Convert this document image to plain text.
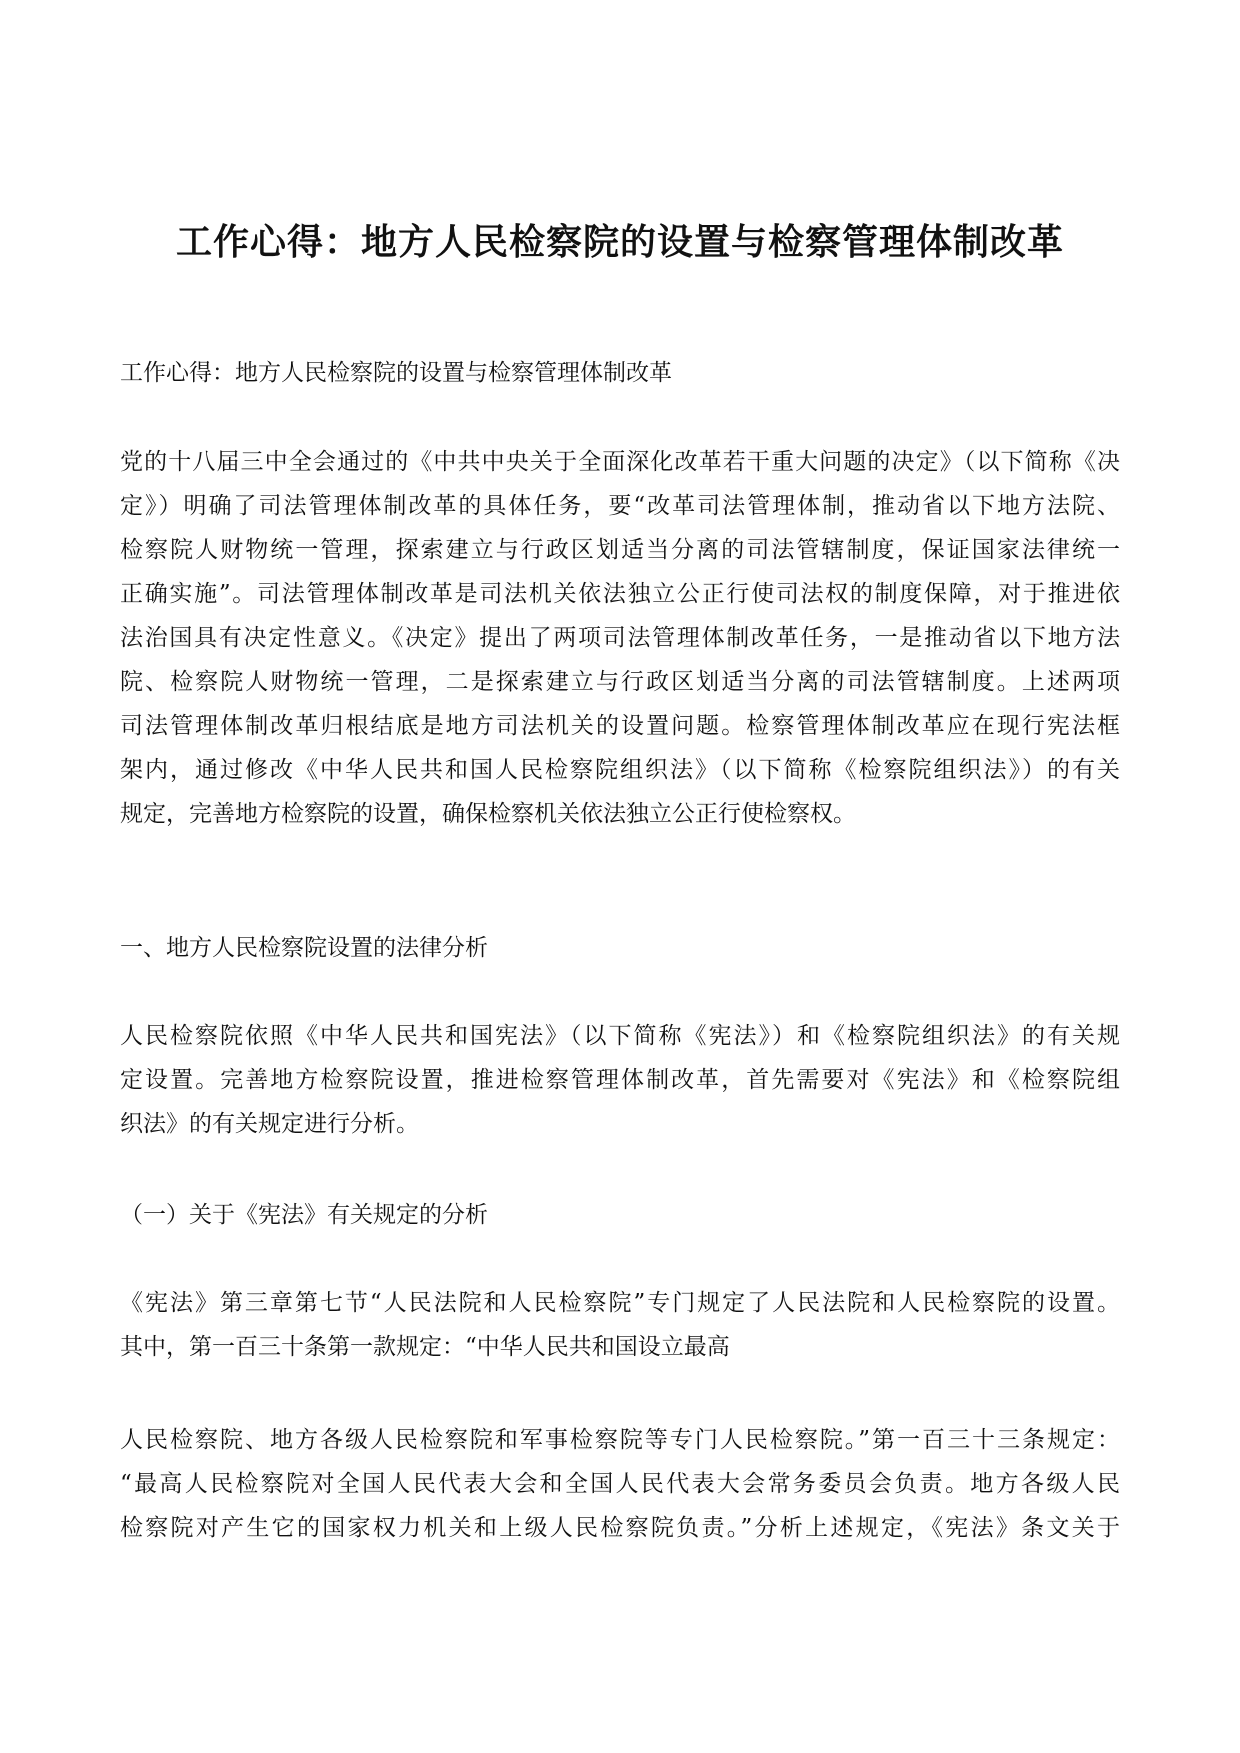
工作心得：地方人民检察院的设置与检察管理体制改革
工作心得：地方人民检察院的设置与检察管理体制改革
党的十八届三中全会通过的《中共中央关于全面深化改革若干重大问题的决定》（以下简称《决
定》）明确了司法管理体制改革的具体任务，要“改革司法管理体制，推动省以下地方法院、
检察院人财物统一管理，探索建立与行政区划适当分离的司法管辖制度，保证国家法律统一
正确实施”。司法管理体制改革是司法机关依法独立公正行使司法权的制度保障，对于推进依
法治国具有决定性意义。《决定》提出了两项司法管理体制改革任务，一是推动省以下地方法
院、检察院人财物统一管理，二是探索建立与行政区划适当分离的司法管辖制度。上述两项
司法管理体制改革归根结底是地方司法机关的设置问题。检察管理体制改革应在现行宪法框
架内，通过修改《中华人民共和国人民检察院组织法》（以下简称《检察院组织法》）的有关
规定，完善地方检察院的设置，确保检察机关依法独立公正行使检察权。
一、地方人民检察院设置的法律分析
人民检察院依照《中华人民共和国宪法》（以下简称《宪法》）和《检察院组织法》的有关规
定设置。完善地方检察院设置，推进检察管理体制改革，首先需要对《宪法》和《检察院组
织法》的有关规定进行分析。
（一）关于《宪法》有关规定的分析
《宪法》第三章第七节“人民法院和人民检察院”专门规定了人民法院和人民检察院的设置。
其中，第一百三十条第一款规定：“中华人民共和国设立最高
人民检察院、地方各级人民检察院和军事检察院等专门人民检察院。”第一百三十三条规定：
“最高人民检察院对全国人民代表大会和全国人民代表大会常务委员会负责。地方各级人民
检察院对产生它的国家权力机关和上级人民检察院负责。”分析上述规定，《宪法》条文关于
